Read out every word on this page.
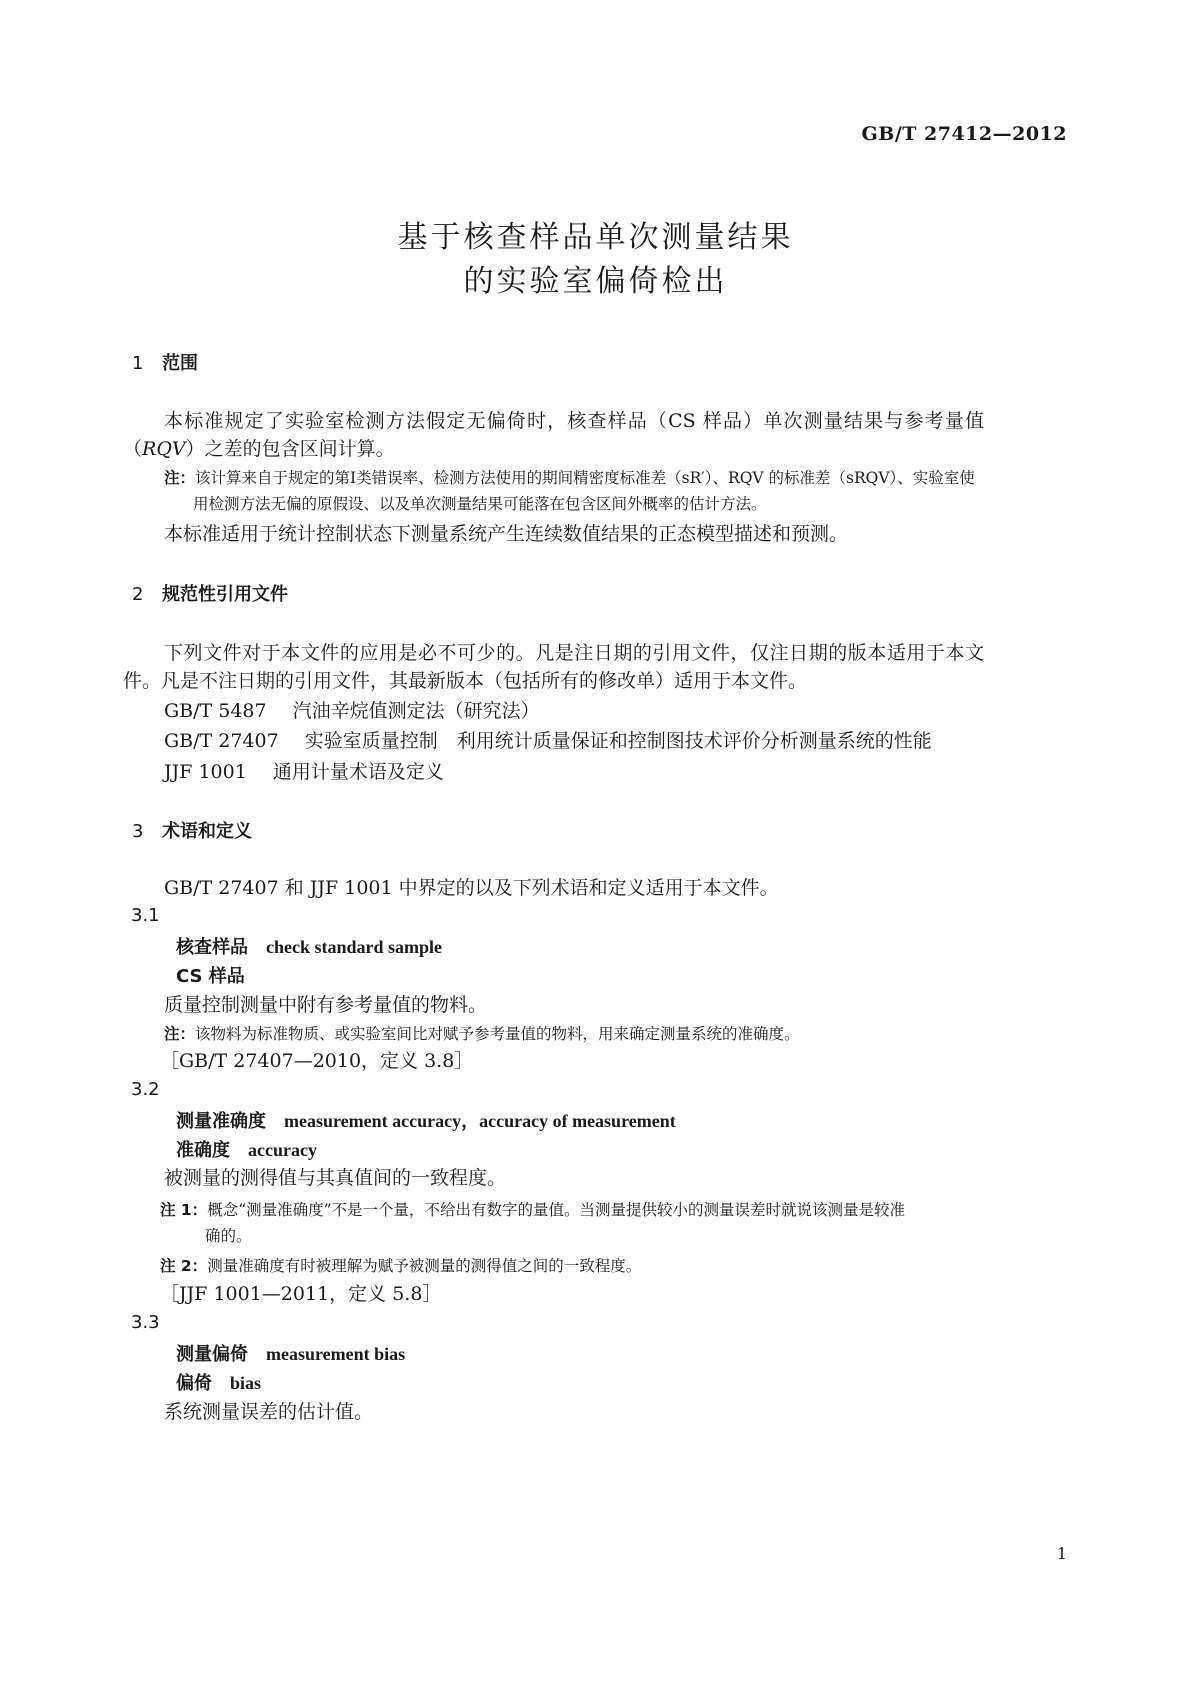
GB/T 27412—2012
基于核查样品单次测量结果
的实验室偏倚检出
1 范围
本标准规定了实验室检测方法假定无偏倚时，核查样品（CS 样品）单次测量结果与参考量值
（RQV）之差的包含区间计算。
注：该计算来自于规定的第Ⅰ类错误率、检测方法使用的期间精密度标准差（sR′）、RQV 的标准差（sRQV）、实验室使
用检测方法无偏的原假设、以及单次测量结果可能落在包含区间外概率的估计方法。
本标准适用于统计控制状态下测量系统产生连续数值结果的正态模型描述和预测。
2 规范性引用文件
下列文件对于本文件的应用是必不可少的。凡是注日期的引用文件，仅注日期的版本适用于本文
件。凡是不注日期的引用文件，其最新版本（包括所有的修改单）适用于本文件。
GB/T 5487 汽油辛烷值测定法（研究法）
GB/T 27407 实验室质量控制　利用统计质量保证和控制图技术评价分析测量系统的性能
JJF 1001 通用计量术语及定义
3 术语和定义
GB/T 27407 和 JJF 1001 中界定的以及下列术语和定义适用于本文件。
3.1
核查样品 check standard sample
CS 样品
质量控制测量中附有参考量值的物料。
注：该物料为标准物质、或实验室间比对赋予参考量值的物料，用来确定测量系统的准确度。
［GB/T 27407—2010，定义 3.8］
3.2
测量准确度 measurement accuracy，accuracy of measurement
准确度 accuracy
被测量的测得值与其真值间的一致程度。
注 1：概念“测量准确度”不是一个量，不给出有数字的量值。当测量提供较小的测量误差时就说该测量是较准
确的。
注 2：测量准确度有时被理解为赋予被测量的测得值之间的一致程度。
［JJF 1001—2011，定义 5.8］
3.3
测量偏倚 measurement bias
偏倚 bias
系统测量误差的估计值。
1
